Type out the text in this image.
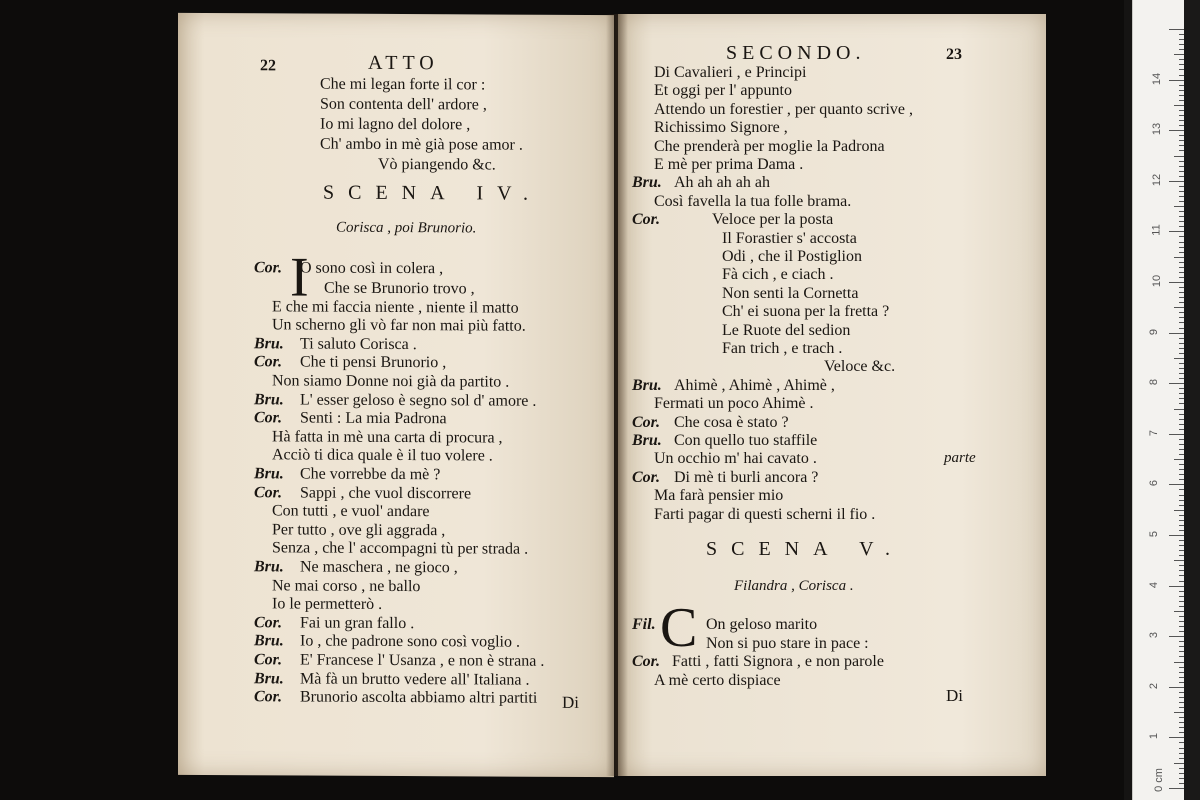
0 cm
1
2
3
4
5
6
7
8
9
10
11
12
13
14
22	ATTO
SCENA IV.
Corisca , poi Brunorio.
I
Di
Che mi legan forte il cor :
Son contenta dell' ardore ,
Io mi lagno del dolore ,
Ch' ambo in mè già pose amor .
Vò piangendo &c.
Cor. O sono così in colera ,
Che se Brunorio trovo ,
E che mi faccia niente , niente il matto
Un scherno gli vò far non mai più fatto.
Bru. Ti saluto Corisca .
Cor. Che ti pensi Brunorio ,
Non siamo Donne noi già da partito .
Bru. L' esser geloso è segno sol d' amore .
Cor. Senti : La mia Padrona
Hà fatta in mè una carta di procura ,
Acciò ti dica quale è il tuo volere .
Bru. Che vorrebbe da mè ?
Cor. Sappi , che vuol discorrere
Con tutti , e vuol' andare
Per tutto , ove gli aggrada ,
Senza , che l' accompagni tù per strada .
Bru. Ne maschera , ne gioco ,
Ne mai corso , ne ballo
Io le permetterò .
Cor. Fai un gran fallo .
Bru. Io , che padrone sono così voglio .
Cor. E' Francese l' Usanza , e non è strana .
Bru. Mà fà un brutto vedere all' Italiana .
Cor. Brunorio ascolta abbiamo altri partiti
SECONDO.	23
parte
SCENA V.
Filandra , Corisca .
C
Di
Di Cavalieri , e Principi
Et oggi per l' appunto
Attendo un forestier , per quanto scrive ,
Richissimo Signore ,
Che prenderà per moglie la Padrona
E mè per prima Dama .
Bru. Ah ah ah ah ah
Così favella la tua folle brama.
Cor.	Veloce per la posta
Il Forastier s' accosta
Odi , che il Postiglion
Fà cich , e ciach .
Non senti la Cornetta
Ch' ei suona per la fretta ?
Le Ruote del sedion
Fan trich , e trach .
Veloce &c.
Bru. Ahimè , Ahimè , Ahimè ,
Fermati un poco Ahimè .
Cor. Che cosa è stato ?
Bru. Con quello tuo staffile
Un occhio m' hai cavato .
Cor. Di mè ti burli ancora ?
Ma farà pensier mio
Farti pagar di questi scherni il fio .
Fil.	On geloso marito
Non si puo stare in pace :
Cor. Fatti , fatti Signora , e non parole
A mè certo dispiace
